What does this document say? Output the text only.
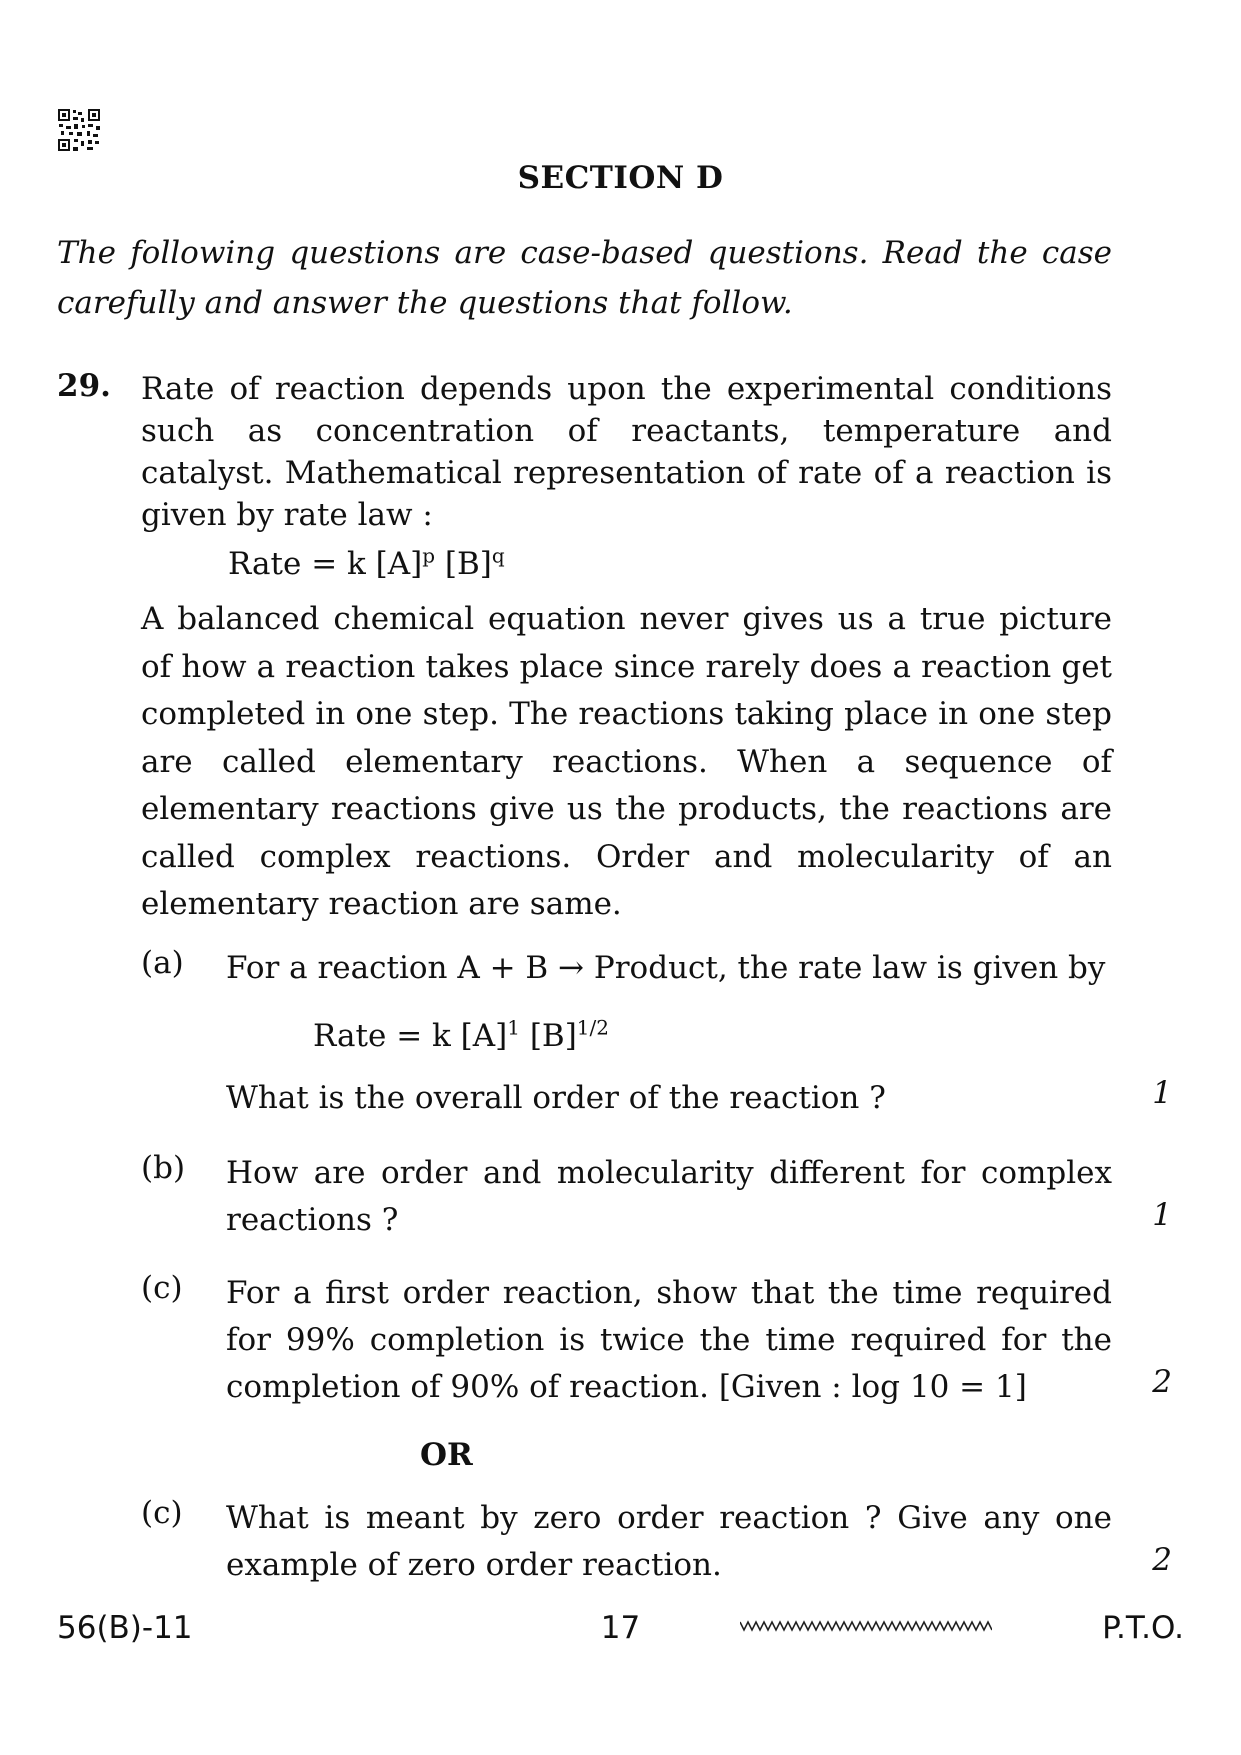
SECTION D
The following questions are case-based questions. Read the case carefully and answer the questions that follow.
29. Rate of reaction depends upon the experimental conditions such as concentration of reactants, temperature and catalyst. Mathematical representation of rate of a reaction is given by rate law :
Rate = k $[A]^p$ $[B]^q$
A balanced chemical equation never gives us a true picture of how a reaction takes place since rarely does a reaction get completed in one step. The reactions taking place in one step are called elementary reactions. When a sequence of elementary reactions give us the products, the reactions are called complex reactions. Order and molecularity of an elementary reaction are same.
(a) For a reaction A + B → Product, the rate law is given by
Rate = k $[A]^1$ $[B]^{1/2}$
What is the overall order of the reaction ?	1
(b) How are order and molecularity different for complex reactions ?	1
(c) For a first order reaction, show that the time required for 99% completion is twice the time required for the completion of 90% of reaction. [Given : log 10 = 1]	2
OR
(c) What is meant by zero order reaction ? Give any one example of zero order reaction.	2
56(B)-11	17	P.T.O.
